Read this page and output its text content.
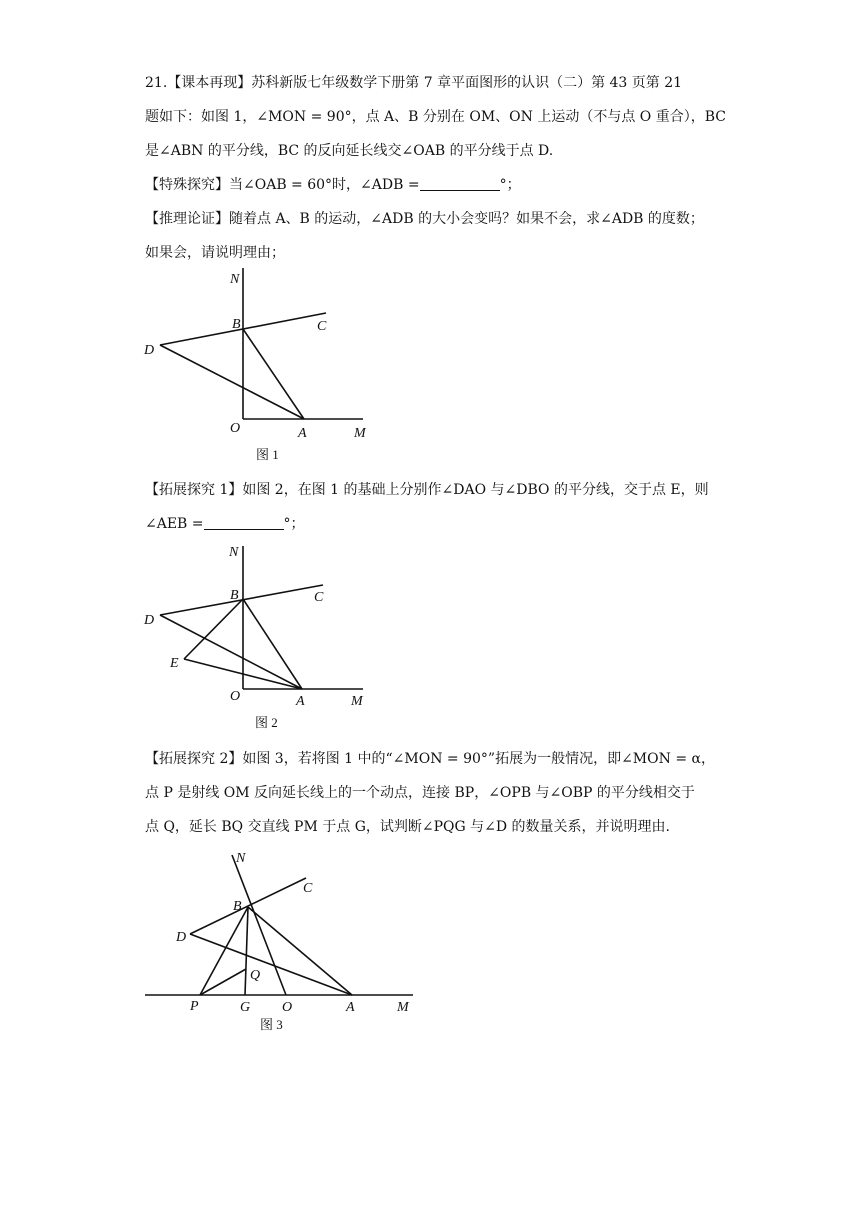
21.【课本再现】苏科新版七年级数学下册第 7 章平面图形的认识（二）第 43 页第 21
题如下：如图 1，∠MON = 90°，点 A、B 分别在 OM、ON 上运动（不与点 O 重合），BC
是∠ABN 的平分线，BC 的反向延长线交∠OAB 的平分线于点 D.
【特殊探究】当∠OAB = 60°时，∠ADB =	°；
【推理论证】随着点 A、B 的运动，∠ADB 的大小会变吗？如果不会，求∠ADB 的度数；
如果会，请说明理由；
【拓展探究 1】如图 2，在图 1 的基础上分别作∠DAO 与∠DBO 的平分线，交于点 E，则
∠AEB =	°；
【拓展探究 2】如图 3，若将图 1 中的“∠MON = 90°”拓展为一般情况，即∠MON = α，
点 P 是射线 OM 反向延长线上的一个动点，连接 BP，∠OPB 与∠OBP 的平分线相交于
点 Q，延长 BQ 交直线 PM 于点 G，试判断∠PQG 与∠D 的数量关系，并说明理由.
N
B	C
D
O	A	M
图 1
N
B	C
D
E
O	A	M
图 2
N
C
B
D
Q
P	G O	A	M
图 3
